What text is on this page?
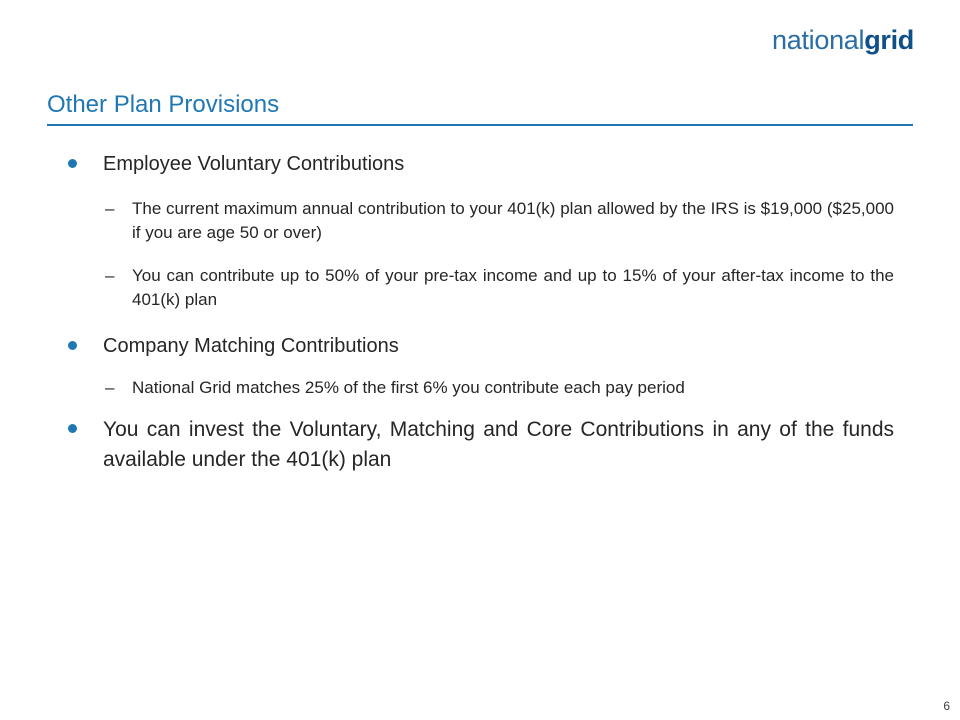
nationalgrid
Other Plan Provisions
Employee Voluntary Contributions
– The current maximum annual contribution to your 401(k) plan allowed by the IRS is $19,000 ($25,000 if you are age 50 or over)
– You can contribute up to 50% of your pre-tax income and up to 15% of your after-tax income to the 401(k) plan
Company Matching Contributions
– National Grid matches 25% of the first 6% you contribute each pay period
You can invest the Voluntary, Matching and Core Contributions in any of the funds available under the 401(k) plan
6
